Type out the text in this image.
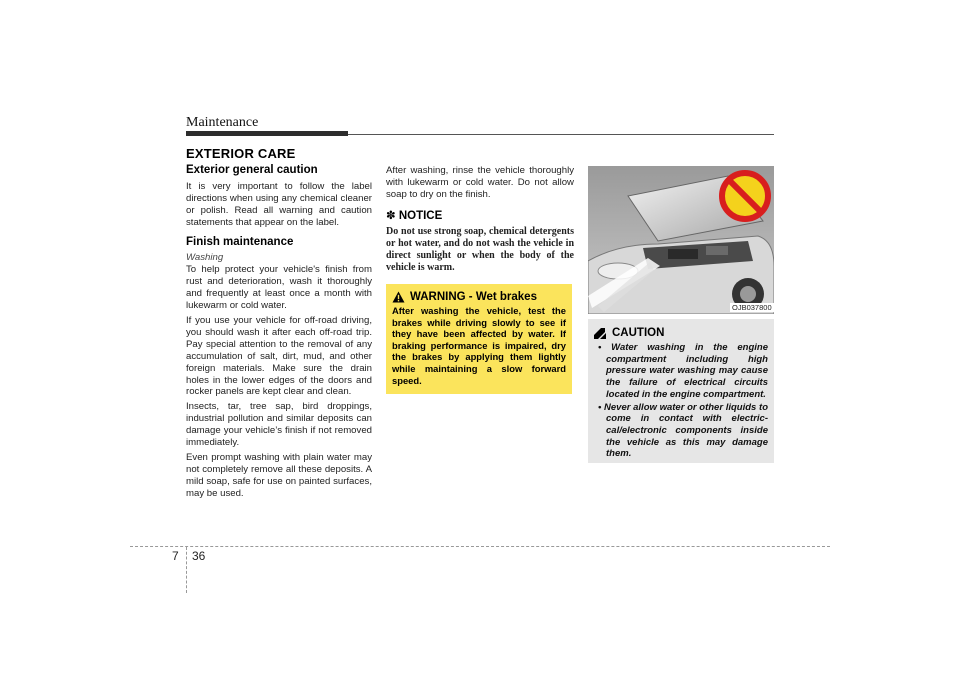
Maintenance
EXTERIOR CARE
Exterior general caution

It is very important to follow the label directions when using any chemical cleaner or polish. Read all warning and caution statements that appear on the label.

Finish maintenance

Washing

To help protect your vehicle's finish from rust and deterioration, wash it thoroughly and frequently at least once a month with lukewarm or cold water.

If you use your vehicle for off-road driving, you should wash it after each off-road trip. Pay special attention to the removal of any accumulation of salt, dirt, mud, and other foreign materials. Make sure the drain holes in the lower edges of the doors and rocker panels are kept clear and clean.

Insects, tar, tree sap, bird droppings, industrial pollution and similar deposits can damage your vehicle’s finish if not removed immediately.

Even prompt washing with plain water may not completely remove all these deposits. A mild soap, safe for use on painted surfaces, may be used.

After washing, rinse the vehicle thoroughly with lukewarm or cold water. Do not allow soap to dry on the finish.

✽ NOTICE

Do not use strong soap, chemical detergents or hot water, and do not wash the vehicle in direct sunlight or when the body of the vehicle is warm.

WARNING - Wet brakes

After washing the vehicle, test the brakes while driving slowly to see if they have been affected by water. If braking performance is impaired, dry the brakes by applying them lightly while maintaining a slow forward speed.

OJB037800
CAUTION
• Water washing in the engine compartment including high pressure water washing may cause the failure of electrical circuits located in the engine compartment.
• Never allow water or other liquids to come in contact with electric-cal/electronic components inside the vehicle as this may damage them.
7 36
